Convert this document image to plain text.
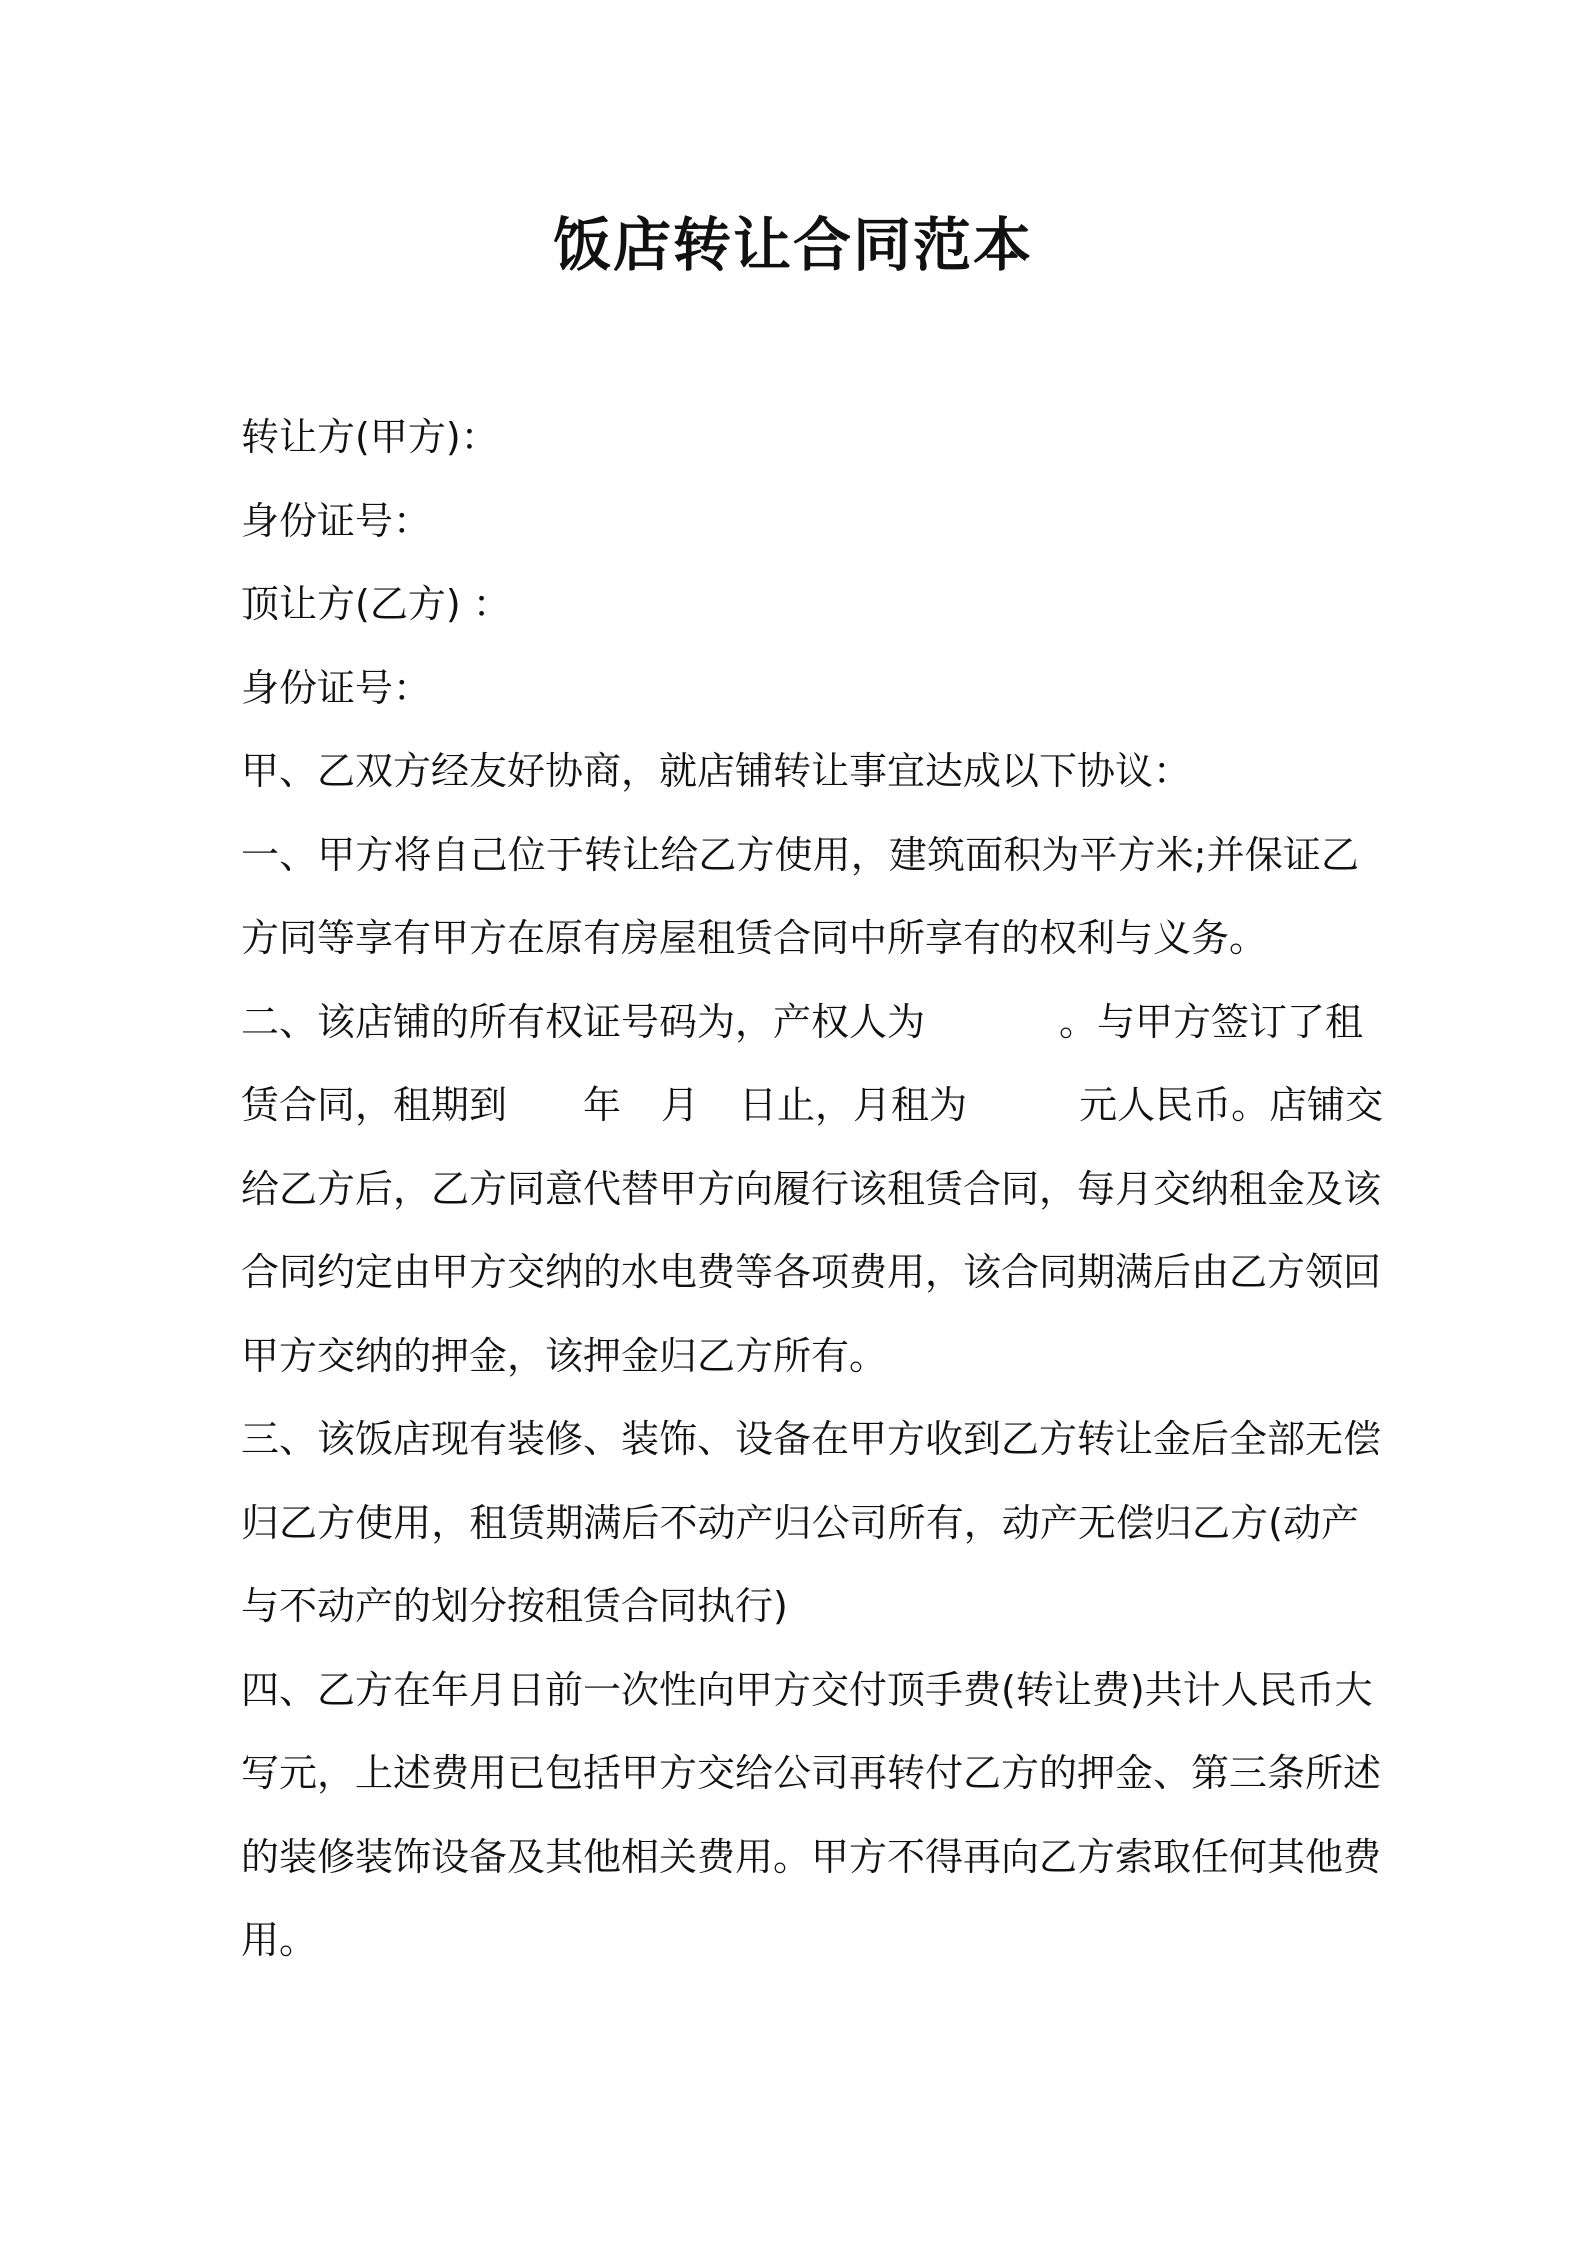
饭店转让合同范本

转让方(甲方)：

身份证号：

顶让方(乙方) ：

身份证号：

甲、乙双方经友好协商，就店铺转让事宜达成以下协议：

一、甲方将自己位于转让给乙方使用，建筑面积为平方米;并保证乙

方同等享有甲方在原有房屋租赁合同中所享有的权利与义务。

二、该店铺的所有权证号码为，产权人为	。与甲方签订了租

赁合同，租期到 年 月 日止，月租为	元人民币。店铺交

给乙方后，乙方同意代替甲方向履行该租赁合同，每月交纳租金及该

合同约定由甲方交纳的水电费等各项费用，该合同期满后由乙方领回

甲方交纳的押金，该押金归乙方所有。

三、该饭店现有装修、装饰、设备在甲方收到乙方转让金后全部无偿

归乙方使用，租赁期满后不动产归公司所有，动产无偿归乙方(动产

与不动产的划分按租赁合同执行)

四、乙方在年月日前一次性向甲方交付顶手费(转让费)共计人民币大

写元，上述费用已包括甲方交给公司再转付乙方的押金、第三条所述

的装修装饰设备及其他相关费用。甲方不得再向乙方索取任何其他费

用。
